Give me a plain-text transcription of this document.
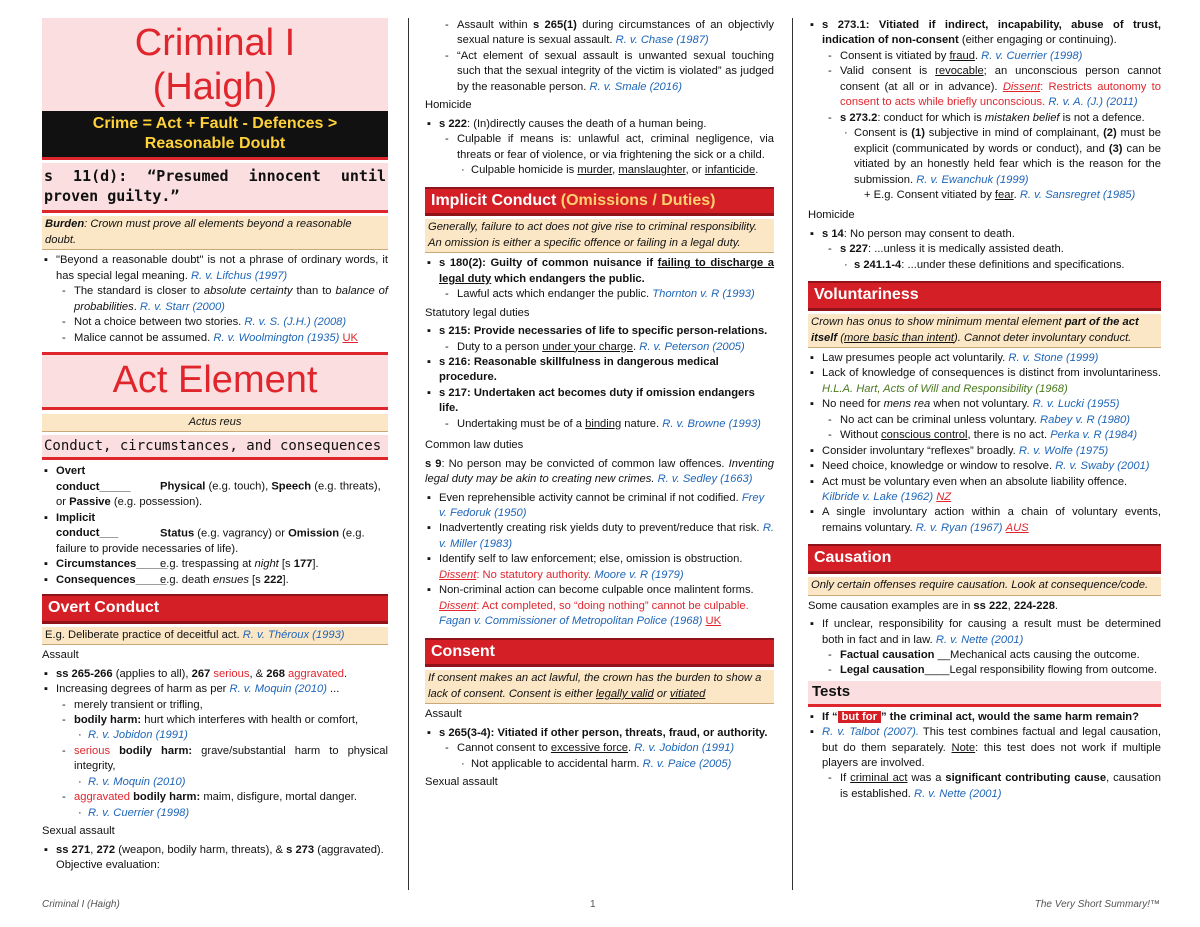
Criminal I
(Haigh)
Crime = Act + Fault - Defences > Reasonable Doubt
s 11(d): “Presumed innocent until proven guilty.”
Burden: Crown must prove all elements beyond a reasonable doubt.
▪ "Beyond a reasonable doubt" is not a phrase of ordinary words, it has special legal meaning. R. v. Lifchus (1997)
- The standard is closer to absolute certainty than to balance of probabilities. R. v. Starr (2000)
- Not a choice between two stories. R. v. S. (J.H.) (2008)
- Malice cannot be assumed. R. v. Woolmington (1935) UK
Act Element
Actus reus
Conduct, circumstances, and consequences
▪ Overt conduct_____	Physical (e.g. touch), Speech (e.g. threats), or Passive (e.g. possession).
▪ Implicit conduct___	Status (e.g. vagrancy) or Omission (e.g. failure to provide necessaries of life).
▪ Circumstances_____e.g. trespassing at night [s 177].
▪ Consequences_____e.g. death ensues [s 222].
Overt Conduct
E.g. Deliberate practice of deceitful act. R. v. Théroux (1993)
Assault
▪ ss 265-266 (applies to all), 267 serious, & 268 aggravated.
▪ Increasing degrees of harm as per R. v. Moquin (2010) ...
- merely transient or trifling,
- bodily harm: hurt which interferes with health or comfort,
· R. v. Jobidon (1991)
- serious bodily harm: grave/substantial harm to physical integrity,
· R. v. Moquin (2010)
- aggravated bodily harm: maim, disfigure, mortal danger.
· R. v. Cuerrier (1998)
Sexual assault
▪ ss 271, 272 (weapon, bodily harm, threats), & s 273 (aggravated). Objective evaluation:
- Assault within s 265(1) during circumstances of an objectivly sexual nature is sexual assault. R. v. Chase (1987)
- “Act element of sexual assault is unwanted sexual touching such that the sexual integrity of the victim is violated” as judged by the reasonable person. R. v. Smale (2016)
Homicide
▪ s 222: (In)directly causes the death of a human being.
- Culpable if means is: unlawful act, criminal negligence, via threats or fear of violence, or via frightening the sick or a child.
· Culpable homicide is murder, manslaughter, or infanticide.
Implicit Conduct (Omissions / Duties)
Generally, failure to act does not give rise to criminal responsibility. An omission is either a specific offence or failing in a legal duty.
▪ s 180(2): Guilty of common nuisance if failing to discharge a legal duty which endangers the public.
- Lawful acts which endanger the public. Thornton v. R (1993)
Statutory legal duties
▪ s 215: Provide necessaries of life to specific person-relations.
- Duty to a person under your charge. R. v. Peterson (2005)
▪ s 216: Reasonable skillfulness in dangerous medical procedure.
▪ s 217: Undertaken act becomes duty if omission endangers life.
- Undertaking must be of a binding nature. R. v. Browne (1993)
Common law duties
s 9: No person may be convicted of common law offences. Inventing legal duty may be akin to creating new crimes. R. v. Sedley (1663)
▪ Even reprehensible activity cannot be criminal if not codified. Frey v. Fedoruk (1950)
▪ Inadvertently creating risk yields duty to prevent/reduce that risk. R. v. Miller (1983)
▪ Identify self to law enforcement; else, omission is obstruction. Dissent: No statutory authority. Moore v. R (1979)
▪ Non-criminal action can become culpable once malintent forms. Dissent: Act completed, so “doing nothing” cannot be culpable. Fagan v. Commissioner of Metropolitan Police (1968) UK
Consent
If consent makes an act lawful, the crown has the burden to show a lack of consent. Consent is either legally valid or vitiated
Assault
▪ s 265(3-4): Vitiated if other person, threats, fraud, or authority.
- Cannot consent to excessive force. R. v. Jobidon (1991)
· Not applicable to accidental harm. R. v. Paice (2005)
Sexual assault
▪ s 273.1: Vitiated if indirect, incapability, abuse of trust, indication of non-consent (either engaging or continuing).
- Consent is vitiated by fraud. R. v. Cuerrier (1998)
- Valid consent is revocable; an unconscious person cannot consent (at all or in advance). Dissent: Restricts autonomy to consent to acts while briefly unconscious. R. v. A. (J.) (2011)
- s 273.2: conduct for which is mistaken belief is not a defence.
· Consent is (1) subjective in mind of complainant, (2) must be explicit (communicated by words or conduct), and (3) can be vitiated by an honestly held fear which is the reason for the submission. R. v. Ewanchuk (1999)
+ E.g. Consent vitiated by fear. R. v. Sansregret (1985)
Homicide
▪ s 14: No person may consent to death.
- s 227: ...unless it is medically assisted death.
· s 241.1-4: ...under these definitions and specifications.
Voluntariness
Crown has onus to show minimum mental element part of the act itself (more basic than intent). Cannot deter involuntary conduct.
▪ Law presumes people act voluntarily. R. v. Stone (1999)
▪ Lack of knowledge of consequences is distinct from involuntariness. H.L.A. Hart, Acts of Will and Responsibility (1968)
▪ No need for mens rea when not voluntary. R. v. Lucki (1955)
- No act can be criminal unless voluntary. Rabey v. R (1980)
- Without conscious control, there is no act. Perka v. R (1984)
▪ Consider involuntary “reflexes” broadly. R. v. Wolfe (1975)
▪ Need choice, knowledge or window to resolve. R. v. Swaby (2001)
▪ Act must be voluntary even when an absolute liability offence. Kilbride v. Lake (1962) NZ
▪ A single involuntary action within a chain of voluntary events, remains voluntary. R. v. Ryan (1967) AUS
Causation
Only certain offenses require causation. Look at consequence/code.
Some causation examples are in ss 222, 224-228.
▪ If unclear, responsibility for causing a result must be determined both in fact and in law. R. v. Nette (2001)
- Factual causation __Mechanical acts causing the outcome.
- Legal causation____Legal responsibility flowing from outcome.
Tests
▪ If “ but for ” the criminal act, would the same harm remain?
▪ R. v. Talbot (2007). This test combines factual and legal causation, but do them separately. Note: this test does not work if multiple players are involved.
- If criminal act was a significant contributing cause, causation is established. R. v. Nette (2001)
Criminal I (Haigh)	1	The Very Short Summary!™
